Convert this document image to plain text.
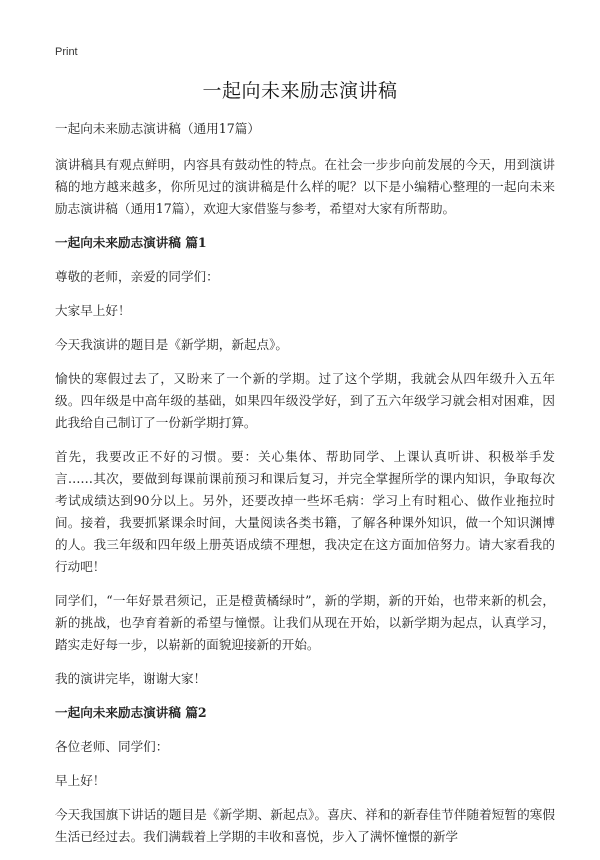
Print
一起向未来励志演讲稿

一起向未来励志演讲稿（通用17篇）

演讲稿具有观点鲜明，内容具有鼓动性的特点。在社会一步步向前发展的今天，用到演讲稿的地方越来越多，你所见过的演讲稿是什么样的呢？以下是小编精心整理的一起向未来励志演讲稿（通用17篇），欢迎大家借鉴与参考，希望对大家有所帮助。

一起向未来励志演讲稿 篇1

尊敬的老师，亲爱的同学们：

大家早上好！

今天我演讲的题目是《新学期，新起点》。

愉快的寒假过去了，又盼来了一个新的学期。过了这个学期，我就会从四年级升入五年级。四年级是中高年级的基础，如果四年级没学好，到了五六年级学习就会相对困难，因此我给自己制订了一份新学期打算。

首先，我要改正不好的习惯。要：关心集体、帮助同学、上课认真听讲、积极举手发言……其次，要做到每课前课前预习和课后复习，并完全掌握所学的课内知识，争取每次考试成绩达到90分以上。另外，还要改掉一些坏毛病：学习上有时粗心、做作业拖拉时间。接着，我要抓紧课余时间，大量阅读各类书籍，了解各种课外知识，做一个知识渊博的人。我三年级和四年级上册英语成绩不理想，我决定在这方面加倍努力。请大家看我的行动吧！

同学们，“一年好景君须记，正是橙黄橘绿时”，新的学期，新的开始，也带来新的机会，新的挑战，也孕育着新的希望与憧憬。让我们从现在开始，以新学期为起点，认真学习，踏实走好每一步，以崭新的面貌迎接新的开始。

我的演讲完毕，谢谢大家！

一起向未来励志演讲稿 篇2

各位老师、同学们：

早上好！

今天我国旗下讲话的题目是《新学期、新起点》。喜庆、祥和的新春佳节伴随着短暂的寒假生活已经过去。我们满载着上学期的丰收和喜悦，步入了满怀憧憬的新学
